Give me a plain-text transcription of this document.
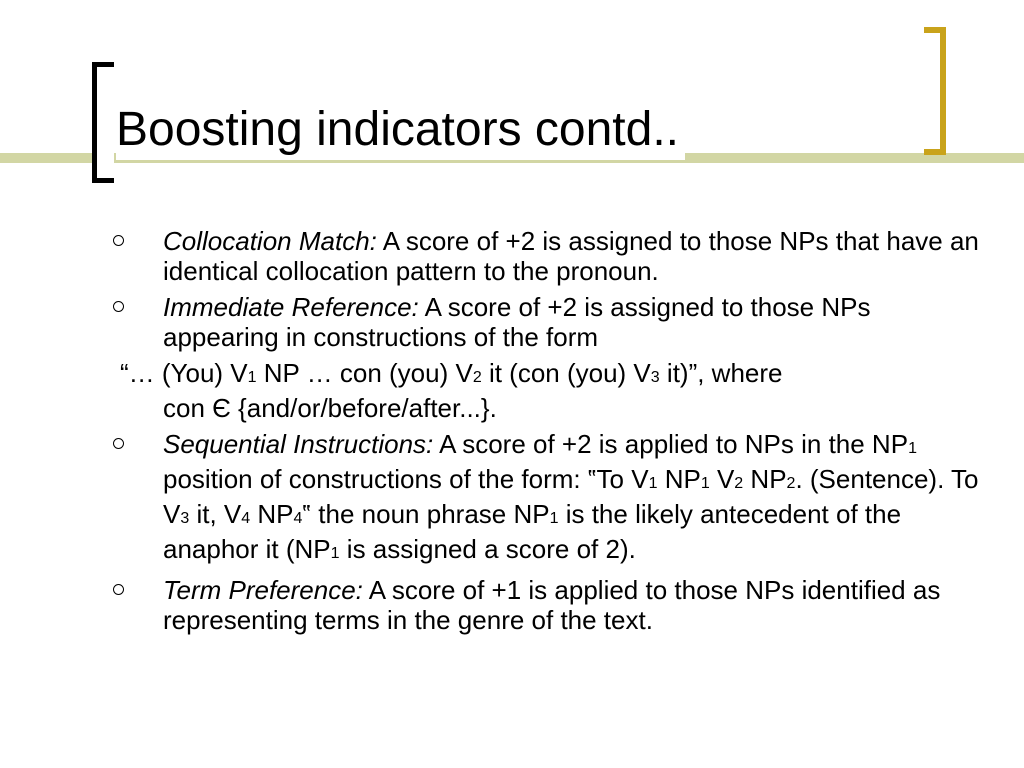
Boosting indicators contd..
Collocation Match: A score of +2 is assigned to those NPs that have an identical collocation pattern to the pronoun.
Immediate Reference: A score of +2 is assigned to those NPs appearing in constructions of the form
“… (You) V1 NP … con (you) V2 it (con (you) V3 it)”, where
con Є {and/or/before/after...}.
Sequential Instructions: A score of +2 is applied to NPs in the NP1 position of constructions of the form: ‟To V1 NP1 V2 NP2. (Sentence). To V3 it, V4 NP4‟ the noun phrase NP1 is the likely antecedent of the anaphor it (NP1 is assigned a score of 2).
Term Preference: A score of +1 is applied to those NPs identified as representing terms in the genre of the text.
